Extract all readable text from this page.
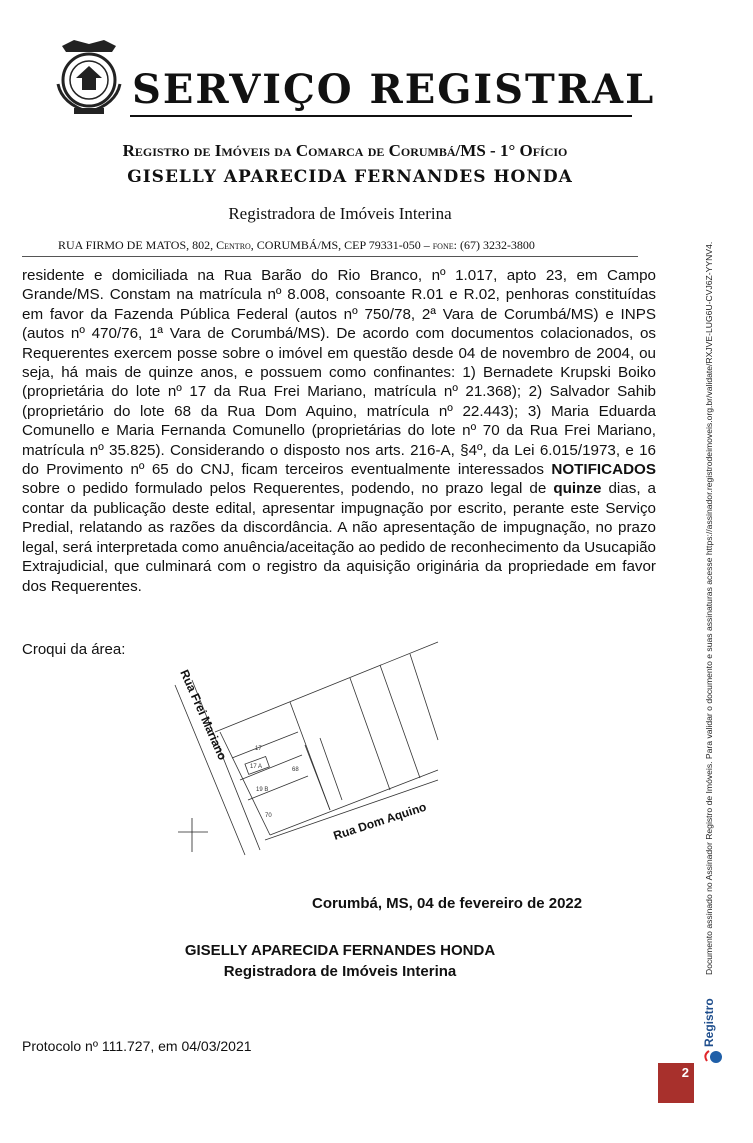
SERVIÇO REGISTRAL
Registro de Imóveis da Comarca de Corumbá/MS - 1° Ofício
GISELLY APARECIDA FERNANDES HONDA
Registradora de Imóveis Interina
RUA FIRMO DE MATOS, 802, Centro, CORUMBÁ/MS, CEP 79331-050 – fone: (67) 3232-3800

residente e domiciliada na Rua Barão do Rio Branco, nº 1.017, apto 23, em Campo Grande/MS. Constam na matrícula nº 8.008, consoante R.01 e R.02, penhoras constituídas em favor da Fazenda Pública Federal (autos nº 750/78, 2ª Vara de Corumbá/MS) e INPS (autos nº 470/76, 1ª Vara de Corumbá/MS). De acordo com documentos colacionados, os Requerentes exercem posse sobre o imóvel em questão desde 04 de novembro de 2004, ou seja, há mais de quinze anos, e possuem como confinantes: 1) Bernadete Krupski Boiko (proprietária do lote nº 17 da Rua Frei Mariano, matrícula nº 21.368); 2) Salvador Sahib (proprietário do lote 68 da Rua Dom Aquino, matrícula nº 22.443); 3) Maria Eduarda Comunello e Maria Fernanda Comunello (proprietárias do lote nº 70 da Rua Frei Mariano, matrícula nº 35.825). Considerando o disposto nos arts. 216-A, §4º, da Lei 6.015/1973, e 16 do Provimento nº 65 do CNJ, ficam terceiros eventualmente interessados NOTIFICADOS sobre o pedido formulado pelos Requerentes, podendo, no prazo legal de quinze dias, a contar da publicação deste edital, apresentar impugnação por escrito, perante este Serviço Predial, relatando as razões da discordância. A não apresentação de impugnação, no prazo legal, será interpretada como anuência/aceitação ao pedido de reconhecimento da Usucapião Extrajudicial, que culminará com o registro da aquisição originária da propriedade em favor dos Requerentes.

Croqui da área:
17
17 A	68
19 B
70
Rua Frei Mariano
Rua Dom Aquino
Corumbá, MS, 04 de fevereiro de 2022
GISELLY APARECIDA FERNANDES HONDA
Registradora de Imóveis Interina
Protocolo nº 111.727, em 04/03/2021
2
Documento assinado no Assinador Registro de Imóveis. Para validar o documento e suas assinaturas acesse https://assinador.registrodeimoveis.org.br/validate/RXJVE-LUG6U-CVJ6Z-YYNV4.
Registro
